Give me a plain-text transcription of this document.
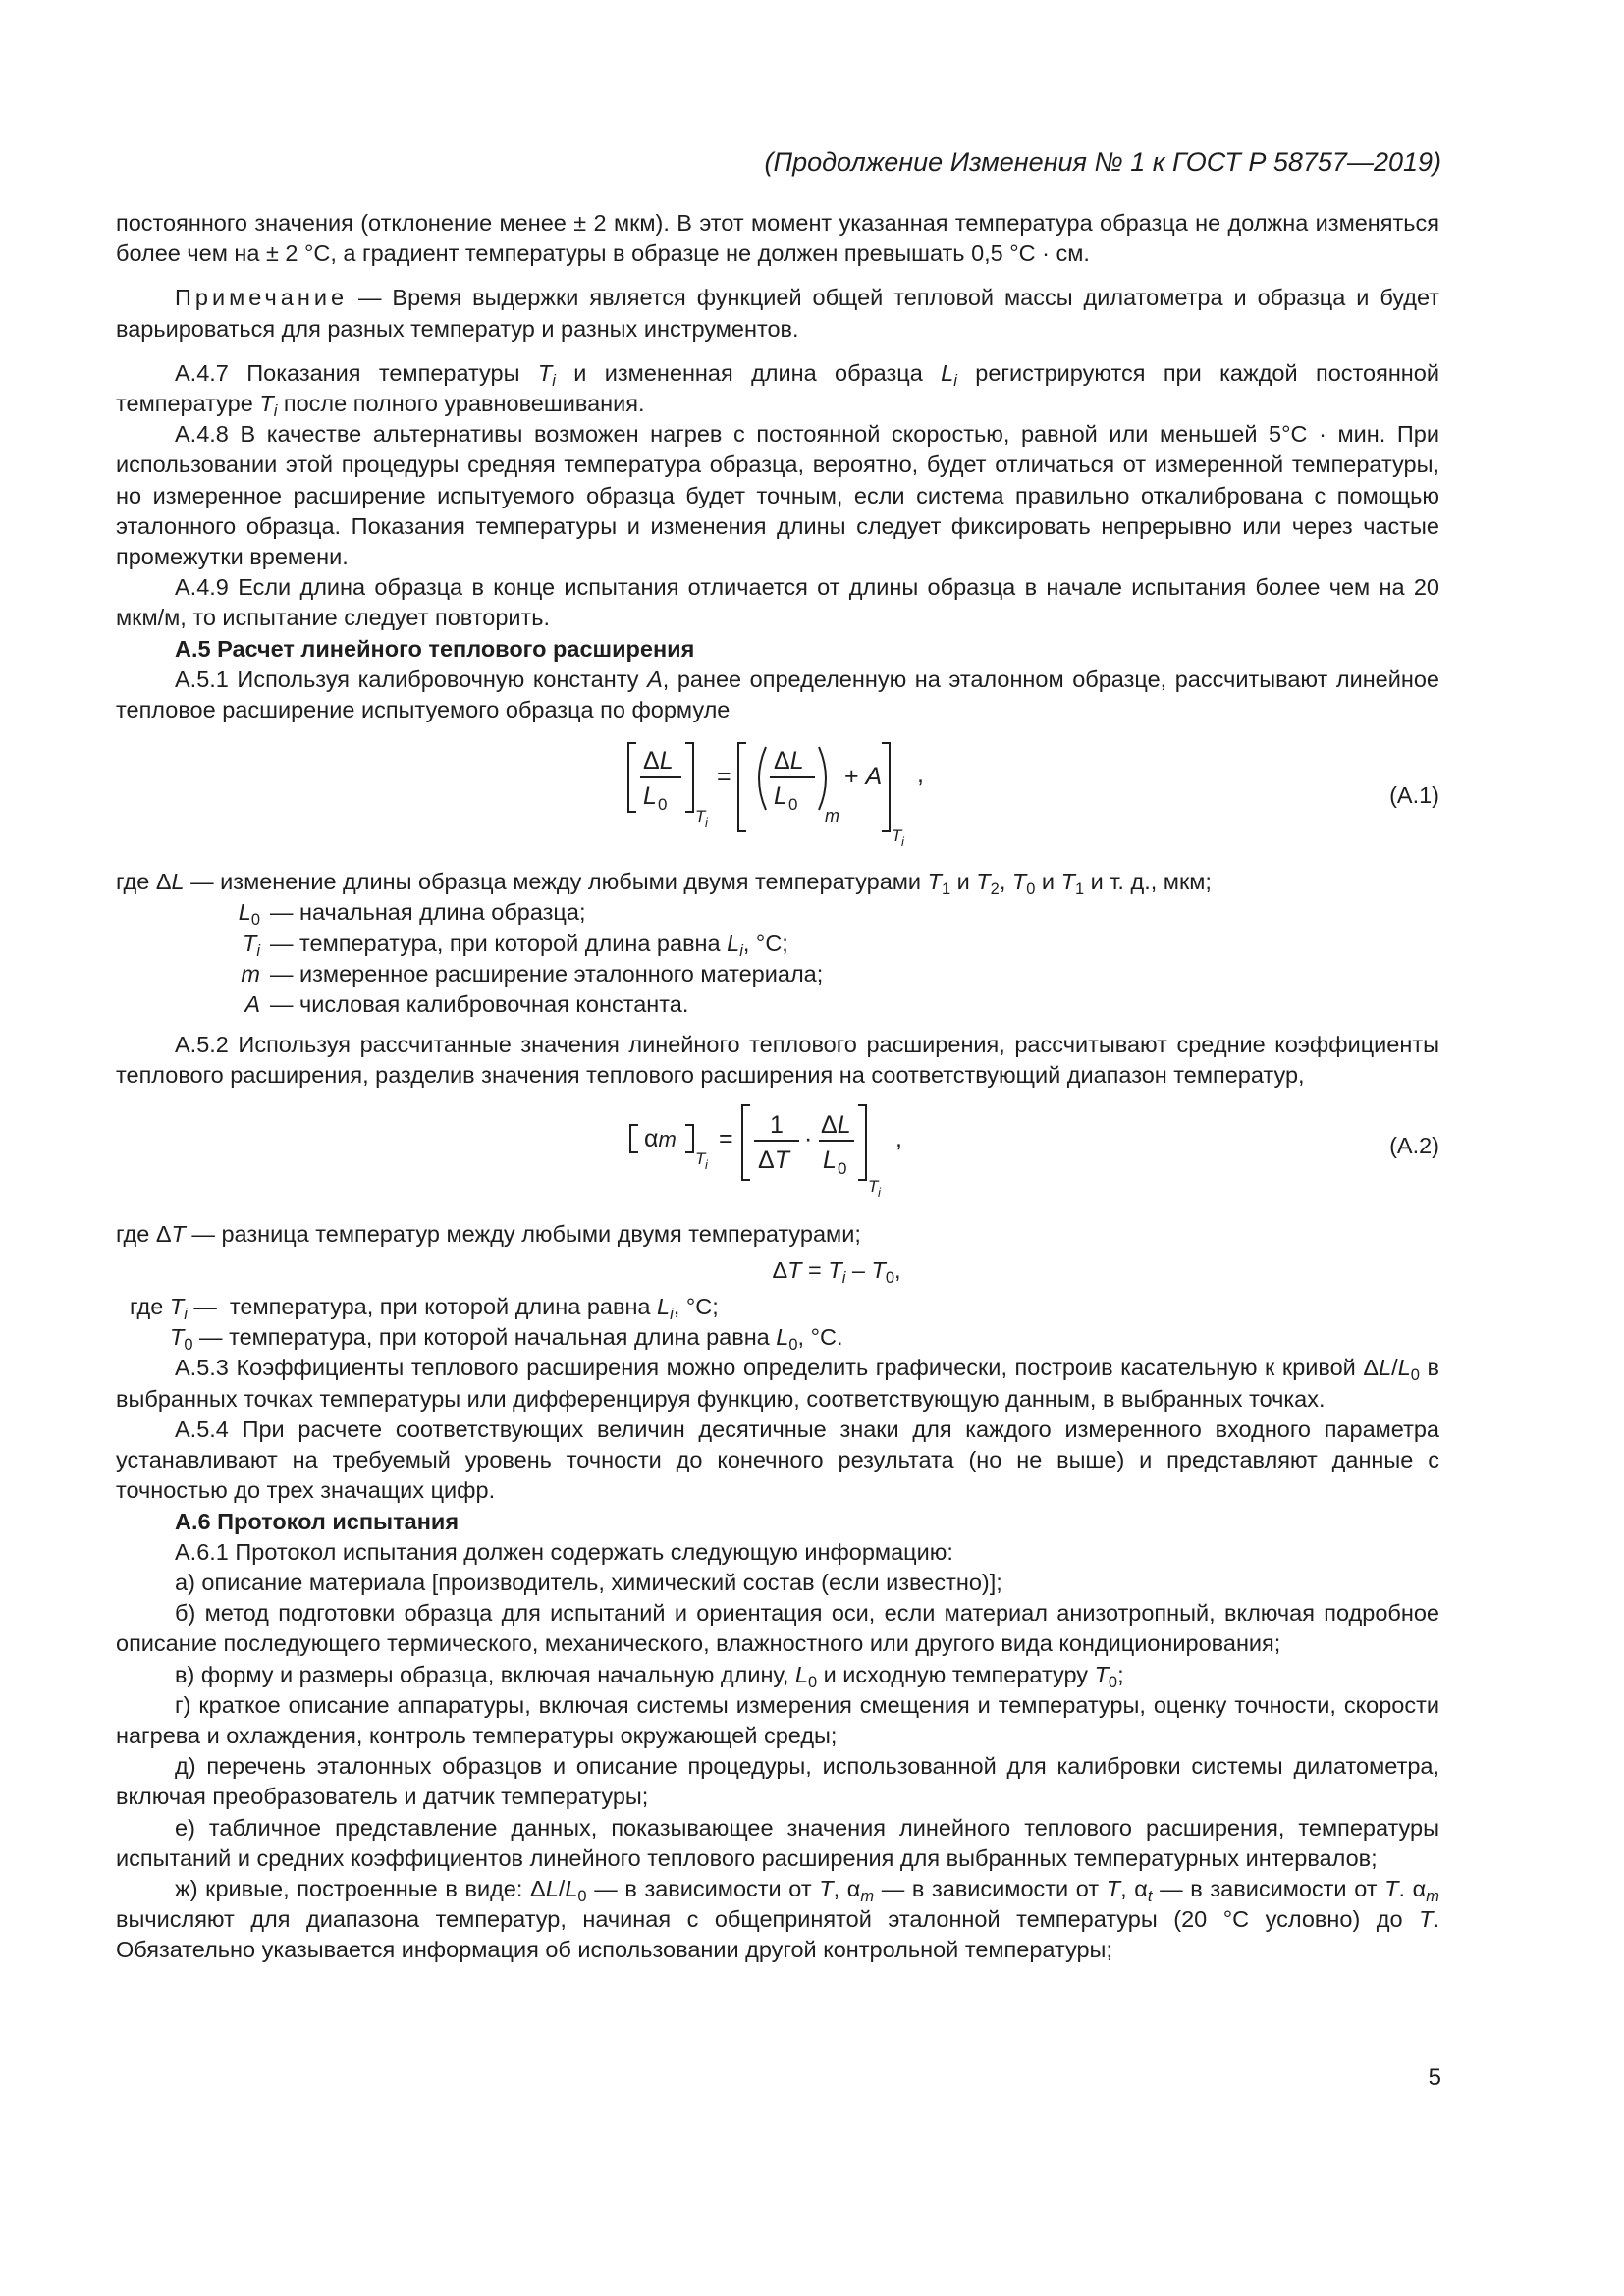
(Продолжение Изменения № 1 к ГОСТ Р 58757—2019)

постоянного значения (отклонение менее ± 2 мкм). В этот момент указанная температура образца не должна изменяться более чем на ± 2 °С, а градиент температуры в образце не должен превышать 0,5 °С · см.

Примечание — Время выдержки является функцией общей тепловой массы дилатометра и образца и будет варьироваться для разных температур и разных инструментов.

А.4.7 Показания температуры $T_i$ и измененная длина образца $L_i$ регистрируются при каждой постоянной температуре $T_i$ после полного уравновешивания.

А.4.8 В качестве альтернативы возможен нагрев с постоянной скоростью, равной или меньшей 5°С · мин. При использовании этой процедуры средняя температура образца, вероятно, будет отличаться от измеренной температуры, но измеренное расширение испытуемого образца будет точным, если система правильно откалибрована с помощью эталонного образца. Показания температуры и изменения длины следует фиксировать непрерывно или через частые промежутки времени.

А.4.9 Если длина образца в конце испытания отличается от длины образца в начале испытания более чем на 20 мкм/м, то испытание следует повторить.

А.5 Расчет линейного теплового расширения

А.5.1 Используя калибровочную константу A, ранее определенную на эталонном образце, рассчитывают линейное тепловое расширение испытуемого образца по формуле

ΔL
L 0
T i
=
ΔL
L 0
m
+ A
T i
,
(А.1)

где ΔL — изменение длины образца между любыми двумя температурами $T_1$ и $T_2$, $T_0$ и $T_1$ и т. д., мкм;

$L_0$ — начальная длина образца;
$T_i$ — температура, при которой длина равна $L_i$, °С;
m — измеренное расширение эталонного материала;
A — числовая калибровочная константа.

А.5.2 Используя рассчитанные значения линейного теплового расширения, рассчитывают средние коэффициенты теплового расширения, разделив значения теплового расширения на соответствующий диапазон температур,

αm
T i
= 1
ΔT
· ΔL
L 0
T i
,	(А.2)

где ΔT — разница температур между любыми двумя температурами;

$\Delta T = T_i - T_0$,

где $T_i$ —  температура, при которой длина равна $L_i$, °С;

$T_0$ — температура, при которой начальная длина равна $L_0$, °С.

А.5.3 Коэффициенты теплового расширения можно определить графически, построив касательную к кривой $\Delta L/L_0$ в выбранных точках температуры или дифференцируя функцию, соответствующую данным, в выбранных точках.

А.5.4 При расчете соответствующих величин десятичные знаки для каждого измеренного входного параметра устанавливают на требуемый уровень точности до конечного результата (но не выше) и представляют данные с точностью до трех значащих цифр.

А.6 Протокол испытания

А.6.1 Протокол испытания должен содержать следующую информацию:

а) описание материала [производитель, химический состав (если известно)];

б) метод подготовки образца для испытаний и ориентация оси, если материал анизотропный, включая подробное описание последующего термического, механического, влажностного или другого вида кондиционирования;

в) форму и размеры образца, включая начальную длину, $L_0$ и исходную температуру $T_0$;

г) краткое описание аппаратуры, включая системы измерения смещения и температуры, оценку точности, скорости нагрева и охлаждения, контроль температуры окружающей среды;

д) перечень эталонных образцов и описание процедуры, использованной для калибровки системы дилатометра, включая преобразователь и датчик температуры;

е) табличное представление данных, показывающее значения линейного теплового расширения, температуры испытаний и средних коэффициентов линейного теплового расширения для выбранных температурных интервалов;

ж) кривые, построенные в виде: $\Delta L/L_0$ — в зависимости от T, $\alpha_m$ — в зависимости от T, $\alpha_t$ — в зависимости от T. $\alpha_m$ вычисляют для диапазона температур, начиная с общепринятой эталонной температуры (20 °С условно) до T. Обязательно указывается информация об использовании другой контрольной температуры;

5
